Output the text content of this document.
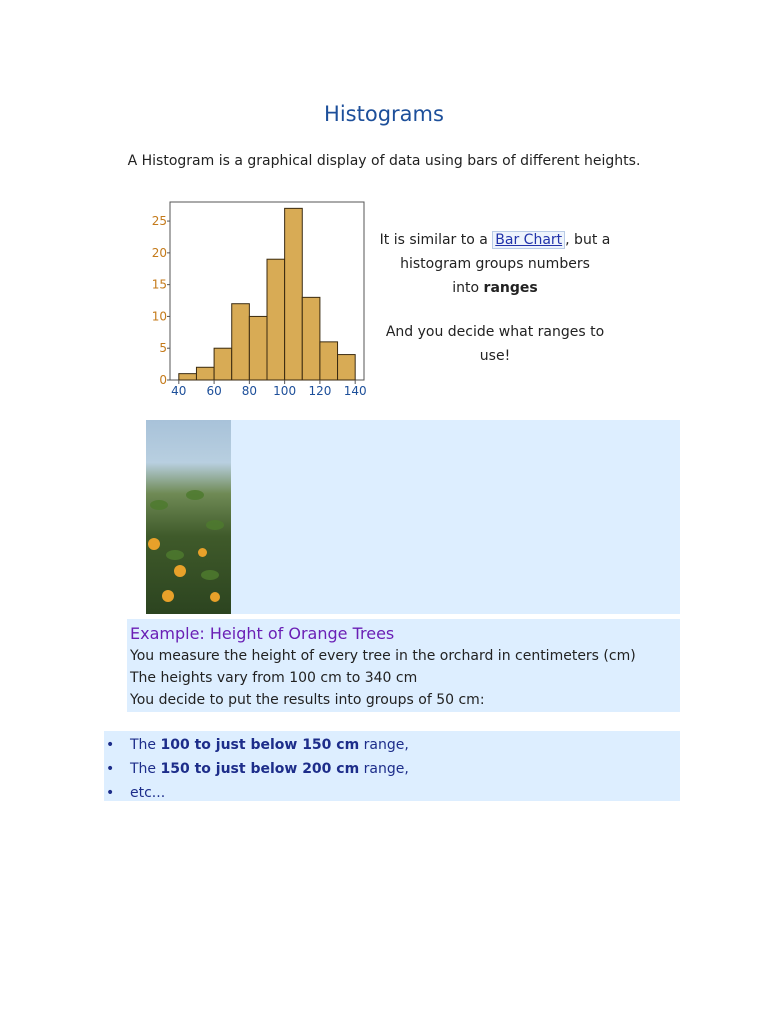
Histograms
A Histogram is a graphical display of data using bars of different heights.
40 60 80 100 120 140
0
5
10
15
20
25

It is similar to a Bar Chart , but a

histogram groups numbers

into ranges

And you decide what ranges to

use!

Example: Height of Orange Trees
You measure the height of every tree in the orchard in centimeters (cm)
The heights vary from 100 cm to 340 cm
You decide to put the results into groups of 50 cm:
• The 100 to just below 150 cm range,
• The 150 to just below 200 cm range,
• etc...
